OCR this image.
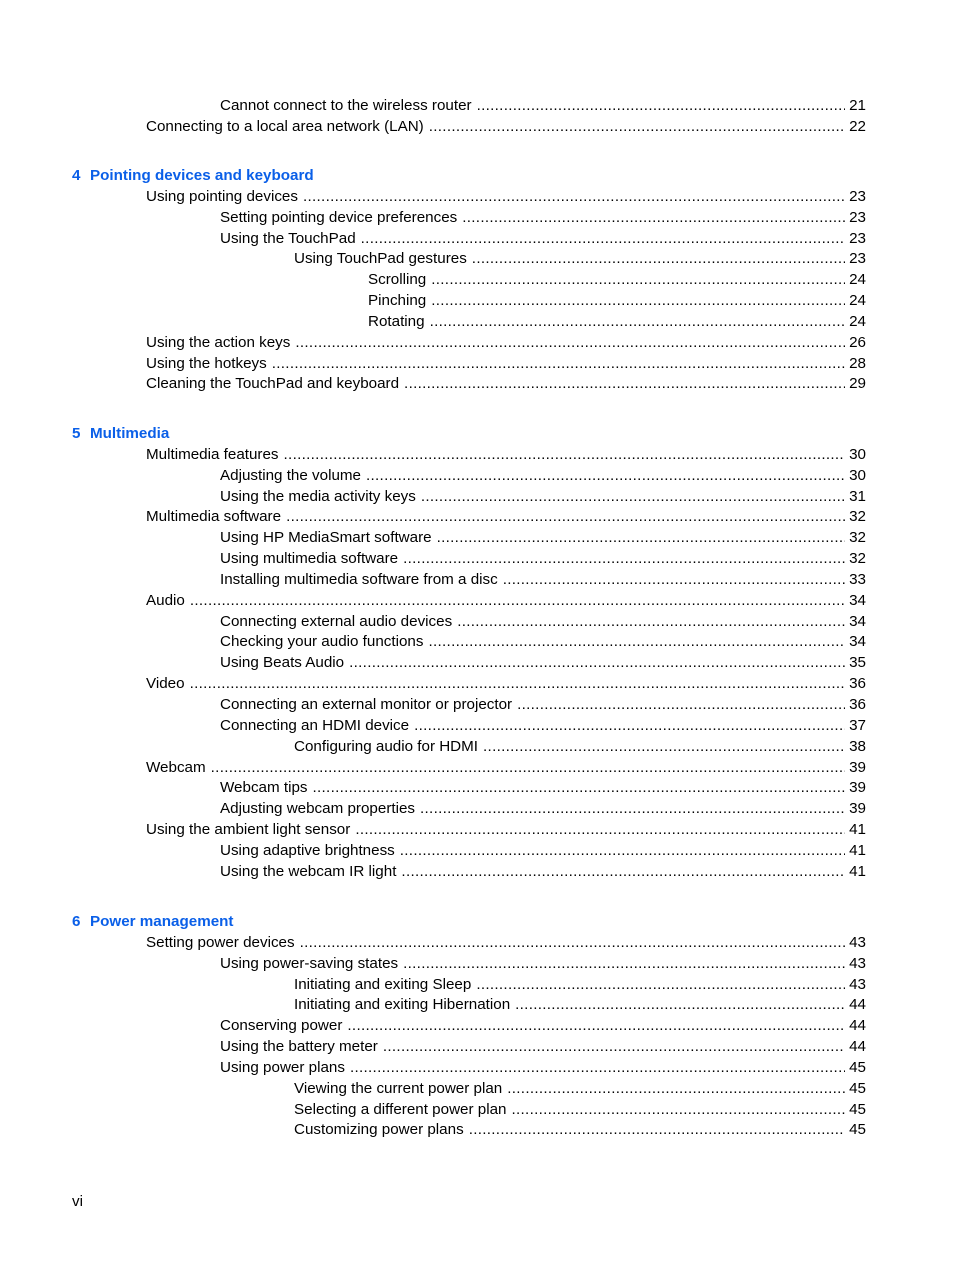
Cannot connect to the wireless router .....	21
Connecting to a local area network (LAN) .....	22
4 Pointing devices and keyboard
Using pointing devices .....	23
Setting pointing device preferences .....	23
Using the TouchPad .....	23
Using TouchPad gestures .....	23
Scrolling .....	24
Pinching .....	24
Rotating .....	24
Using the action keys .....	26
Using the hotkeys .....	28
Cleaning the TouchPad and keyboard .....	29
5 Multimedia
Multimedia features .....	30
Adjusting the volume .....	30
Using the media activity keys .....	31
Multimedia software .....	32
Using HP MediaSmart software .....	32
Using multimedia software .....	32
Installing multimedia software from a disc .....	33
Audio .....	34
Connecting external audio devices .....	34
Checking your audio functions .....	34
Using Beats Audio .....	35
Video .....	36
Connecting an external monitor or projector .....	36
Connecting an HDMI device .....	37
Configuring audio for HDMI .....	38
Webcam .....	39
Webcam tips .....	39
Adjusting webcam properties .....	39
Using the ambient light sensor .....	41
Using adaptive brightness .....	41
Using the webcam IR light .....	41
6 Power management
Setting power devices .....	43
Using power-saving states .....	43
Initiating and exiting Sleep .....	43
Initiating and exiting Hibernation .....	44
Conserving power .....	44
Using the battery meter .....	44
Using power plans .....	45
Viewing the current power plan .....	45
Selecting a different power plan .....	45
Customizing power plans .....	45
vi
